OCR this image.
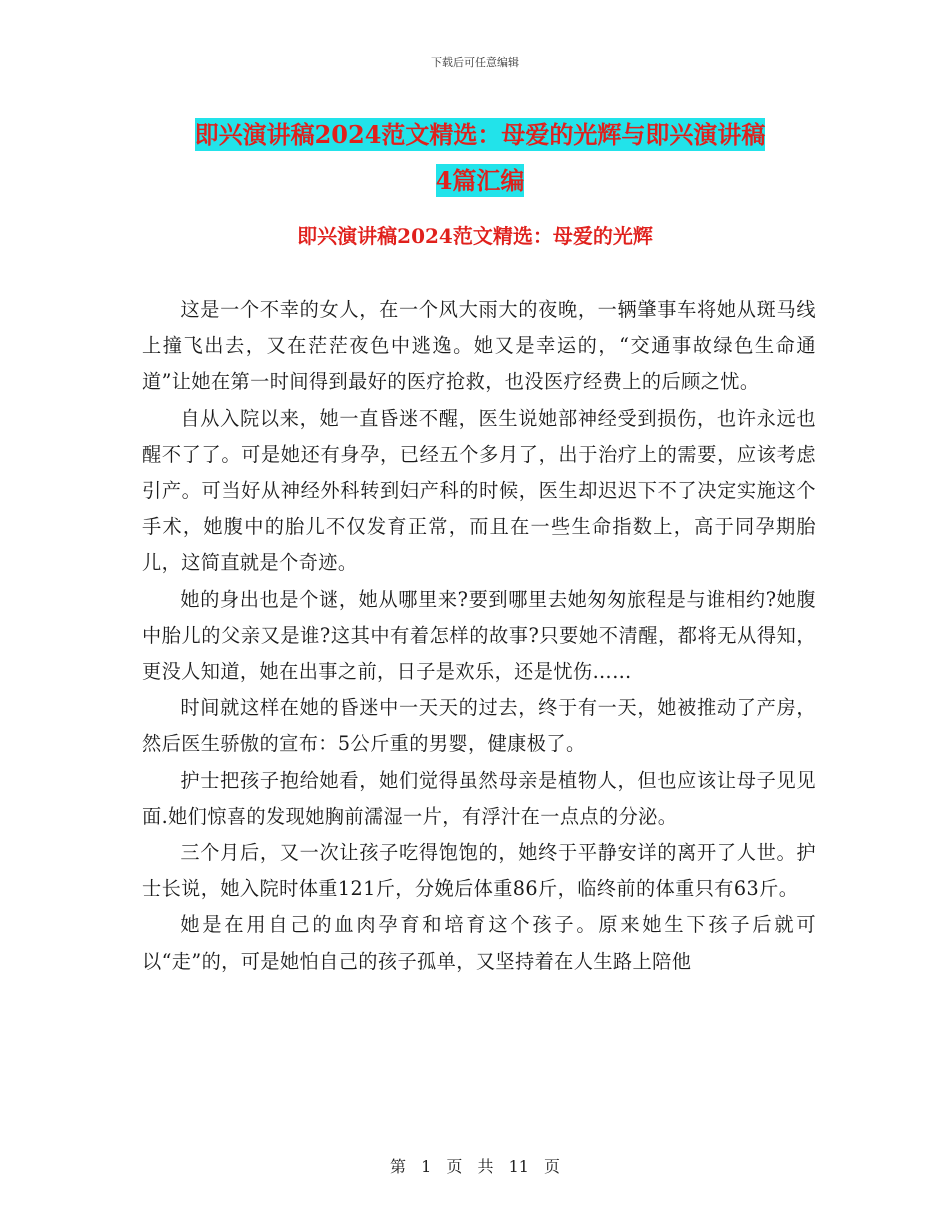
下载后可任意编辑
即兴演讲稿2024范文精选：母爱的光辉与即兴演讲稿
4篇汇编
即兴演讲稿2024范文精选：母爱的光辉

这是一个不幸的女人，在一个风大雨大的夜晚，一辆肇事车将她从斑马线上撞飞出去，又在茫茫夜色中逃逸。她又是幸运的，“交通事故绿色生命通道”让她在第一时间得到最好的医疗抢救，也没医疗经费上的后顾之忧。

自从入院以来，她一直昏迷不醒，医生说她部神经受到损伤，也许永远也醒不了了。可是她还有身孕，已经五个多月了，出于治疗上的需要，应该考虑引产。可当好从神经外科转到妇产科的时候，医生却迟迟下不了决定实施这个手术，她腹中的胎儿不仅发育正常，而且在一些生命指数上，高于同孕期胎儿，这简直就是个奇迹。

她的身出也是个谜，她从哪里来?要到哪里去她匆匆旅程是与谁相约?她腹中胎儿的父亲又是谁?这其中有着怎样的故事?只要她不清醒，都将无从得知，更没人知道，她在出事之前，日子是欢乐，还是忧伤……

时间就这样在她的昏迷中一天天的过去，终于有一天，她被推动了产房，然后医生骄傲的宣布：5公斤重的男婴，健康极了。

护士把孩子抱给她看，她们觉得虽然母亲是植物人，但也应该让母子见见面.她们惊喜的发现她胸前濡湿一片，有浮汁在一点点的分泌。

三个月后，又一次让孩子吃得饱饱的，她终于平静安详的离开了人世。护士长说，她入院时体重121斤，分娩后体重86斤，临终前的体重只有63斤。

她是在用自己的血肉孕育和培育这个孩子。原来她生下孩子后就可以“走”的，可是她怕自己的孩子孤单，又坚持着在人生路上陪他

第 1 页 共 11 页
